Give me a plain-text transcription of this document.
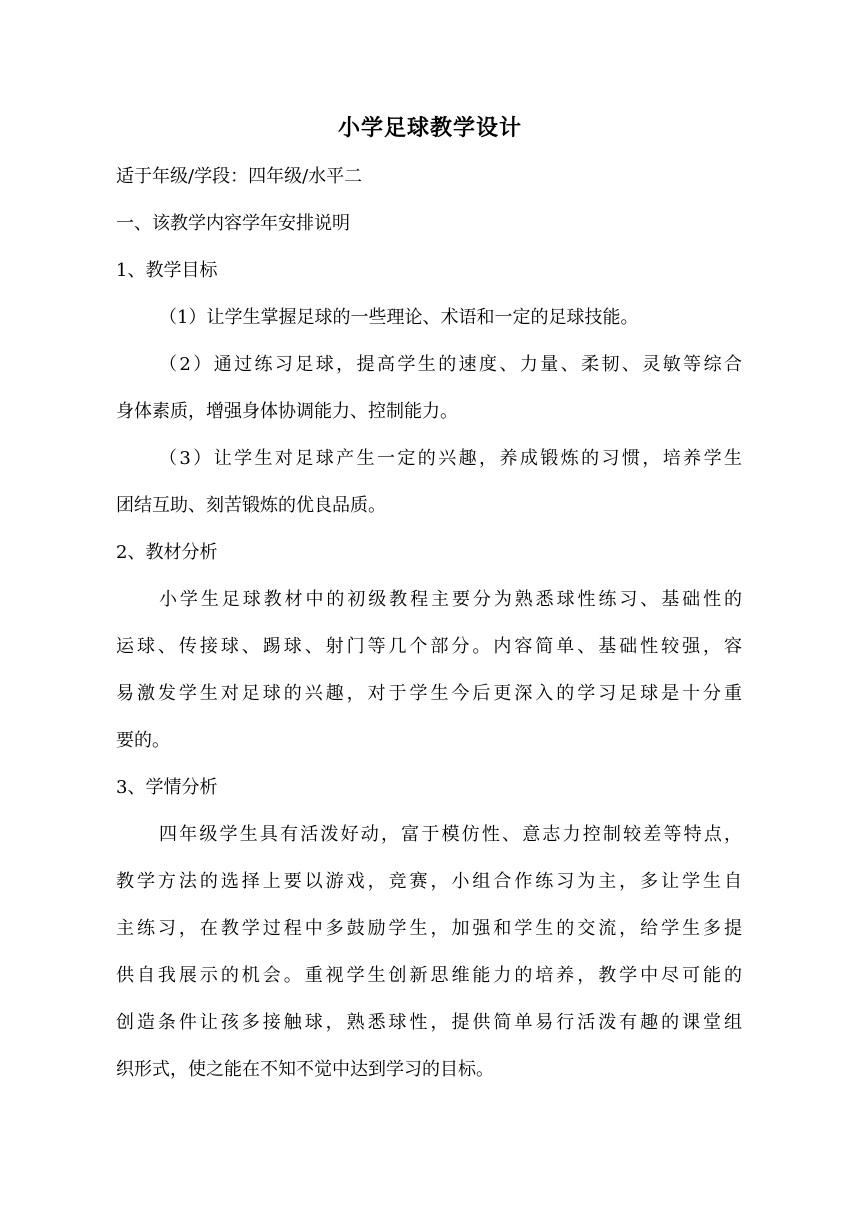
小学足球教学设计

适于年级/学段：四年级/水平二

一、该教学内容学年安排说明

1、教学目标

（1）让学生掌握足球的一些理论、术语和一定的足球技能。

（2）通过练习足球，提高学生的速度、力量、柔韧、灵敏等综合

身体素质，增强身体协调能力、控制能力。

（3）让学生对足球产生一定的兴趣，养成锻炼的习惯，培养学生

团结互助、刻苦锻炼的优良品质。

2、教材分析

小学生足球教材中的初级教程主要分为熟悉球性练习、基础性的

运球、传接球、踢球、射门等几个部分。内容简单、基础性较强，容

易激发学生对足球的兴趣，对于学生今后更深入的学习足球是十分重

要的。

3、学情分析

四年级学生具有活泼好动，富于模仿性、意志力控制较差等特点，

教学方法的选择上要以游戏，竞赛，小组合作练习为主，多让学生自

主练习，在教学过程中多鼓励学生，加强和学生的交流，给学生多提

供自我展示的机会。重视学生创新思维能力的培养，教学中尽可能的

创造条件让孩多接触球，熟悉球性，提供简单易行活泼有趣的课堂组

织形式，使之能在不知不觉中达到学习的目标。
